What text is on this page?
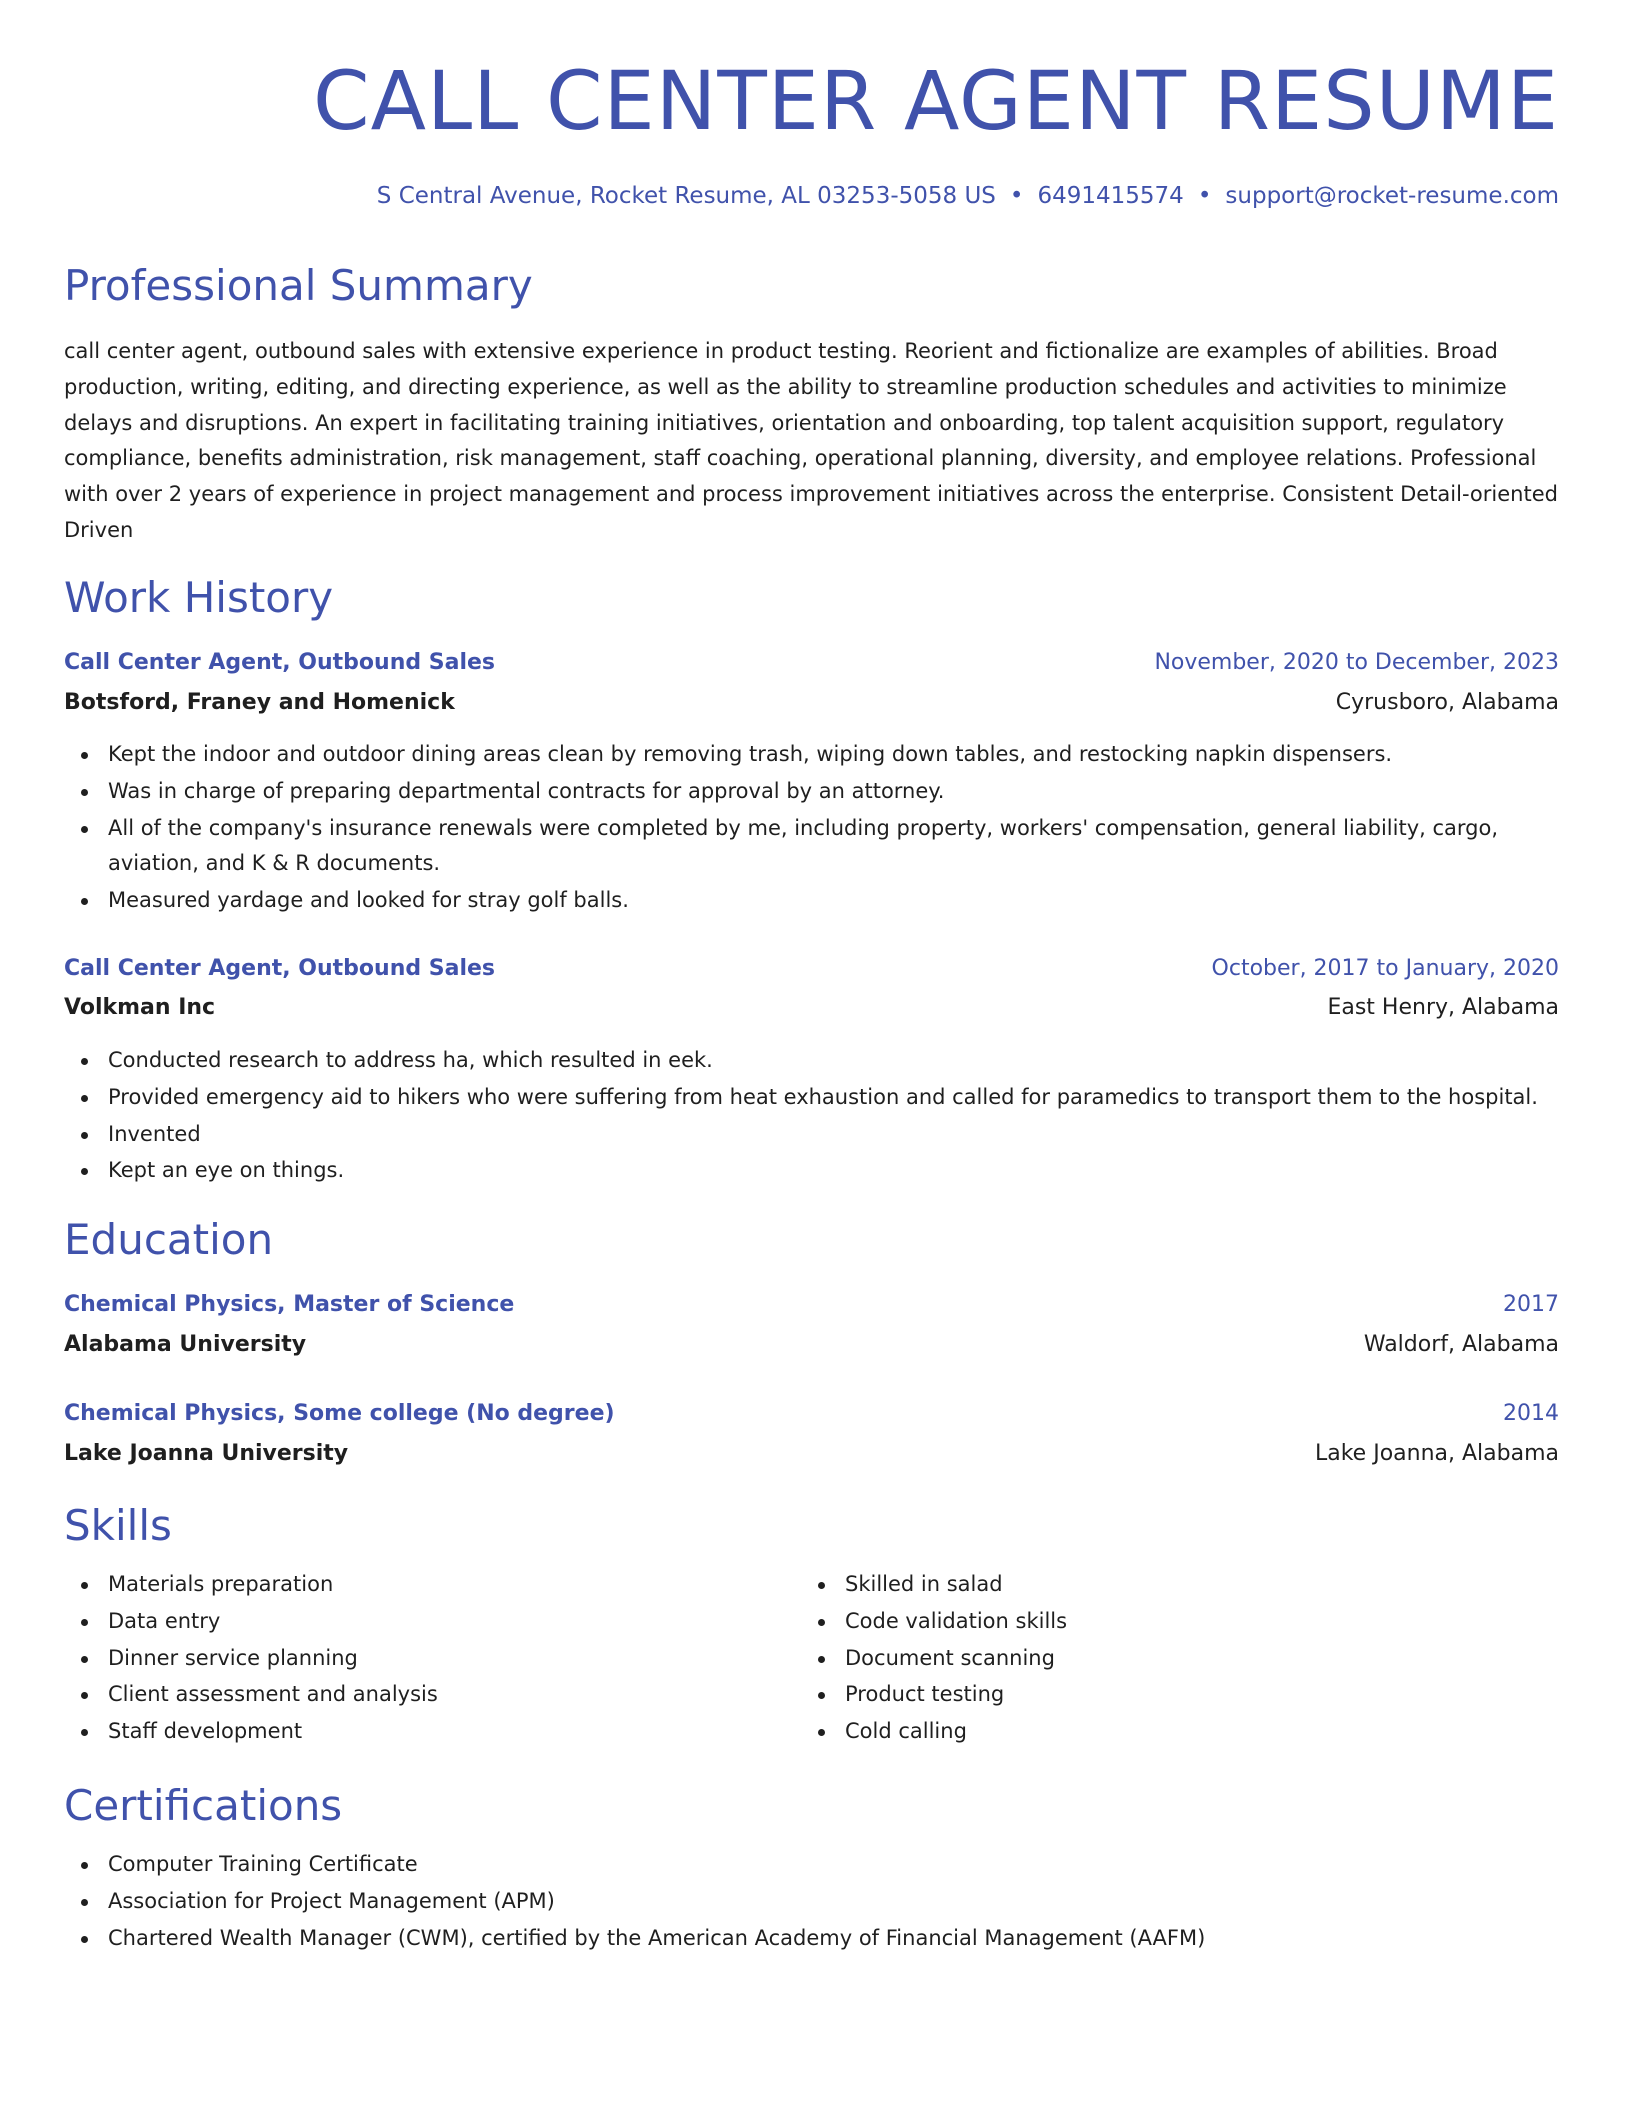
CALL CENTER AGENT RESUME
S Central Avenue, Rocket Resume, AL 03253-5058 US • 6491415574 • support@rocket-resume.com
Professional Summary

call center agent, outbound sales with extensive experience in product testing. Reorient and fictionalize are examples of abilities. Broad production, writing, editing, and directing experience, as well as the ability to streamline production schedules and activities to minimize delays and disruptions. An expert in facilitating training initiatives, orientation and onboarding, top talent acquisition support, regulatory compliance, benefits administration, risk management, staff coaching, operational planning, diversity, and employee relations. Professional with over 2 years of experience in project management and process improvement initiatives across the enterprise. Consistent Detail-oriented Driven

Work History
Call Center Agent, Outbound Sales	November, 2020 to December, 2023
Botsford, Franey and Homenick	Cyrusboro, Alabama
Kept the indoor and outdoor dining areas clean by removing trash, wiping down tables, and restocking napkin dispensers.
Was in charge of preparing departmental contracts for approval by an attorney.
All of the company's insurance renewals were completed by me, including property, workers' compensation, general liability, cargo, aviation, and K & R documents.
Measured yardage and looked for stray golf balls.
Call Center Agent, Outbound Sales	October, 2017 to January, 2020
Volkman Inc	East Henry, Alabama
Conducted research to address ha, which resulted in eek.
Provided emergency aid to hikers who were suffering from heat exhaustion and called for paramedics to transport them to the hospital.
Invented
Kept an eye on things.
Education
Chemical Physics, Master of Science	2017
Alabama University	Waldorf, Alabama
Chemical Physics, Some college (No degree)	2014
Lake Joanna University	Lake Joanna, Alabama
Skills
Materials preparation
Data entry
Dinner service planning
Client assessment and analysis
Staff development
Skilled in salad
Code validation skills
Document scanning
Product testing
Cold calling
Certifications
Computer Training Certificate
Association for Project Management (APM)
Chartered Wealth Manager (CWM), certified by the American Academy of Financial Management (AAFM)
